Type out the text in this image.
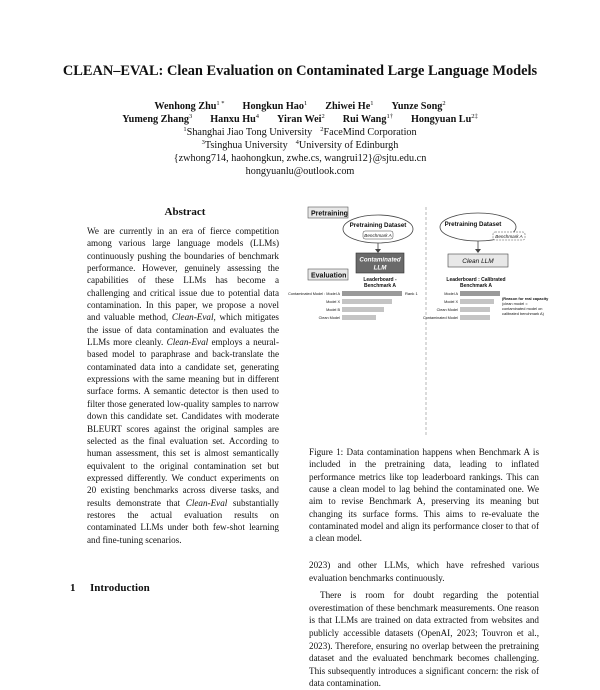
CLEAN–EVAL: Clean Evaluation on Contaminated Large Language Models
Wenhong Zhu$^{1 *}$ Hongkun Hao$^1$ Zhiwei He$^1$ Yunze Song$^2$
Yumeng Zhang$^3$ Hanxu Hu$^4$ Yiran Wei$^2$ Rui Wang$^{1\dagger}$ Hongyuan $Lu^{2\ddagger}$
$^1$Shanghai Jiao Tong University $^2$FaceMind Corporation
$^3$Tsinghua University $^4$University of Edinburgh
{zwhong714, haohongkun, zwhe.cs, wangrui12}@sjtu.edu.cn
hongyuanlu@outlook.com
Abstract
We are currently in an era of fierce competition among various large language models (LLMs) continuously pushing the boundaries of benchmark performance. However, genuinely assessing the capabilities of these LLMs has become a challenging and critical issue due to potential data contamination. In this paper, we propose a novel and valuable method, Clean-Eval, which mitigates the issue of data contamination and evaluates the LLMs more cleanly. Clean-Eval employs a neural-based model to paraphrase and back-translate the contaminated data into a candidate set, generating expressions with the same meaning but in different surface forms. A semantic detector is then used to filter those generated low-quality samples to narrow down this candidate set. Candidates with moderate BLEURT scores against the original samples are selected as the final evaluation set. According to human assessment, this set is almost semantically equivalent to the original contamination set but expressed differently. We conduct experiments on 20 existing benchmarks across diverse tasks, and results demonstrate that Clean-Eval substantially restores the actual evaluation results on contaminated LLMs under both few-shot learning and fine-tuning scenarios.
1 Introduction
Pretraining
Pretraining Dataset
Benchmark A
Pretraining Dataset
Benchmark A
Contaminated
LLM
Clean LLM
Evaluation
Leaderboard -
Benchmark A
Contaminated Model : Model A
Model X
Model B
Clean Model
Rank 1
Leaderboard : Calibrated
Benchmark A
Model A
Model X
Clean Model
Contaminated Model
(Reason for real capacity
(clean model =
contaminated model on
calibrated benchmark A)
Figure 1: Data contamination happens when Benchmark A is included in the pretraining data, leading to inflated performance metrics like top leaderboard rankings. This can cause a clean model to lag behind the contaminated one. We aim to revise Benchmark A, preserving its meaning but changing its surface forms. This aims to re-evaluate the contaminated model and align its performance closer to that of a clean model.

2023) and other LLMs, which have refreshed various evaluation benchmarks continuously.

There is room for doubt regarding the potential overestimation of these benchmark measurements. One reason is that LLMs are trained on data extracted from websites and publicly accessible datasets (OpenAI, 2023; Touvron et al., 2023). Therefore, ensuring no overlap between the pretraining dataset and the evaluated benchmark becomes challenging. This subsequently introduces a significant concern: the risk of data contamination.
